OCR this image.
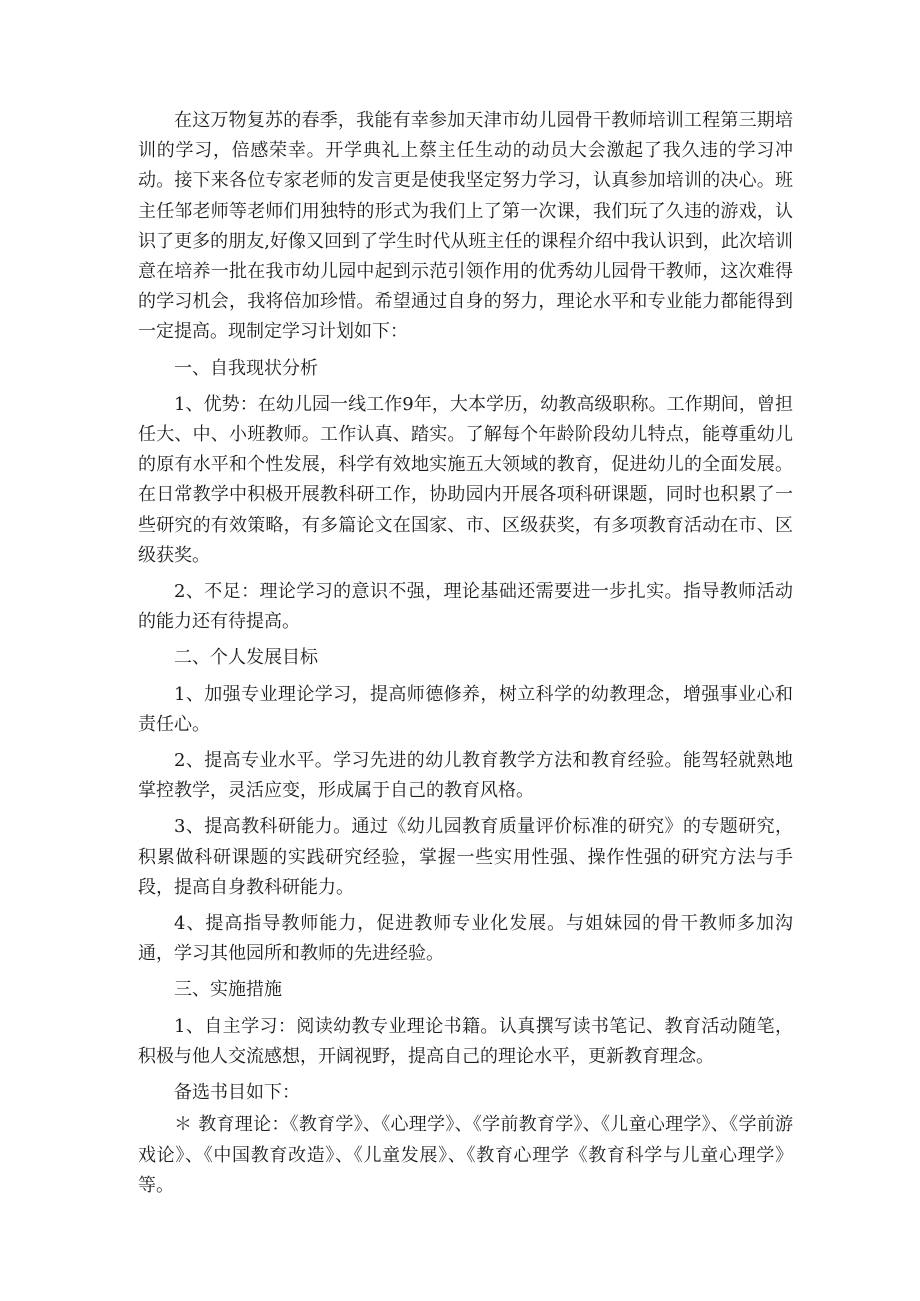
在这万物复苏的春季，我能有幸参加天津市幼儿园骨干教师培训工程第三期培训的学习，倍感荣幸。开学典礼上蔡主任生动的动员大会激起了我久违的学习冲动。接下来各位专家老师的发言更是使我坚定努力学习，认真参加培训的决心。班主任邹老师等老师们用独特的形式为我们上了第一次课，我们玩了久违的游戏，认识了更多的朋友,好像又回到了学生时代从班主任的课程介绍中我认识到，此次培训意在培养一批在我市幼儿园中起到示范引领作用的优秀幼儿园骨干教师，这次难得的学习机会，我将倍加珍惜。希望通过自身的努力，理论水平和专业能力都能得到一定提高。现制定学习计划如下：

一、自我现状分析

1、优势：在幼儿园一线工作9年，大本学历，幼教高级职称。工作期间，曾担任大、中、小班教师。工作认真、踏实。了解每个年龄阶段幼儿特点，能尊重幼儿的原有水平和个性发展，科学有效地实施五大领域的教育，促进幼儿的全面发展。在日常教学中积极开展教科研工作，协助园内开展各项科研课题，同时也积累了一些研究的有效策略，有多篇论文在国家、市、区级获奖，有多项教育活动在市、区级获奖。

2、不足：理论学习的意识不强，理论基础还需要进一步扎实。指导教师活动的能力还有待提高。

二、个人发展目标

1、加强专业理论学习，提高师德修养，树立科学的幼教理念，增强事业心和责任心。

2、提高专业水平。学习先进的幼儿教育教学方法和教育经验。能驾轻就熟地掌控教学，灵活应变，形成属于自己的教育风格。

3、提高教科研能力。通过《幼儿园教育质量评价标准的研究》的专题研究，积累做科研课题的实践研究经验，掌握一些实用性强、操作性强的研究方法与手段，提高自身教科研能力。

4、提高指导教师能力，促进教师专业化发展。与姐妹园的骨干教师多加沟通，学习其他园所和教师的先进经验。

三、实施措施

1、自主学习：阅读幼教专业理论书籍。认真撰写读书笔记、教育活动随笔，积极与他人交流感想，开阔视野，提高自己的理论水平，更新教育理念。

备选书目如下：

＊ 教育理论：《教育学》、《心理学》、《学前教育学》、《儿童心理学》、《学前游戏论》、《中国教育改造》、《儿童发展》、《教育心理学《教育科学与儿童心理学》等。
